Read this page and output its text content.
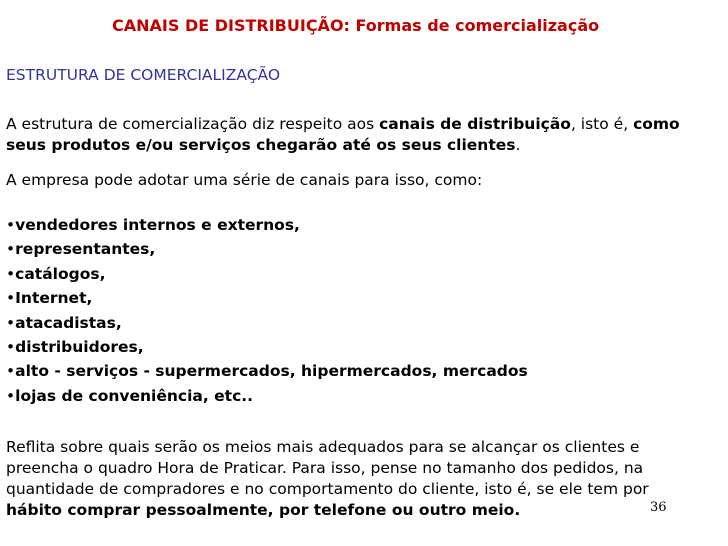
CANAIS DE DISTRIBUIÇÃO: Formas de comercialização
ESTRUTURA DE COMERCIALIZAÇÃO

A estrutura de comercialização diz respeito aos canais de distribuição, isto é, como
seus produtos e/ou serviços chegarão até os seus clientes.

A empresa pode adotar uma série de canais para isso, como:

•vendedores internos e externos,
•representantes,
•catálogos,
•Internet,
•atacadistas,
•distribuidores,
•alto - serviços - supermercados, hipermercados, mercados
•lojas de conveniência, etc..

Reflita sobre quais serão os meios mais adequados para se alcançar os clientes e
preencha o quadro Hora de Praticar. Para isso, pense no tamanho dos pedidos, na
quantidade de compradores e no comportamento do cliente, isto é, se ele tem por
hábito comprar pessoalmente, por telefone ou outro meio.	36
